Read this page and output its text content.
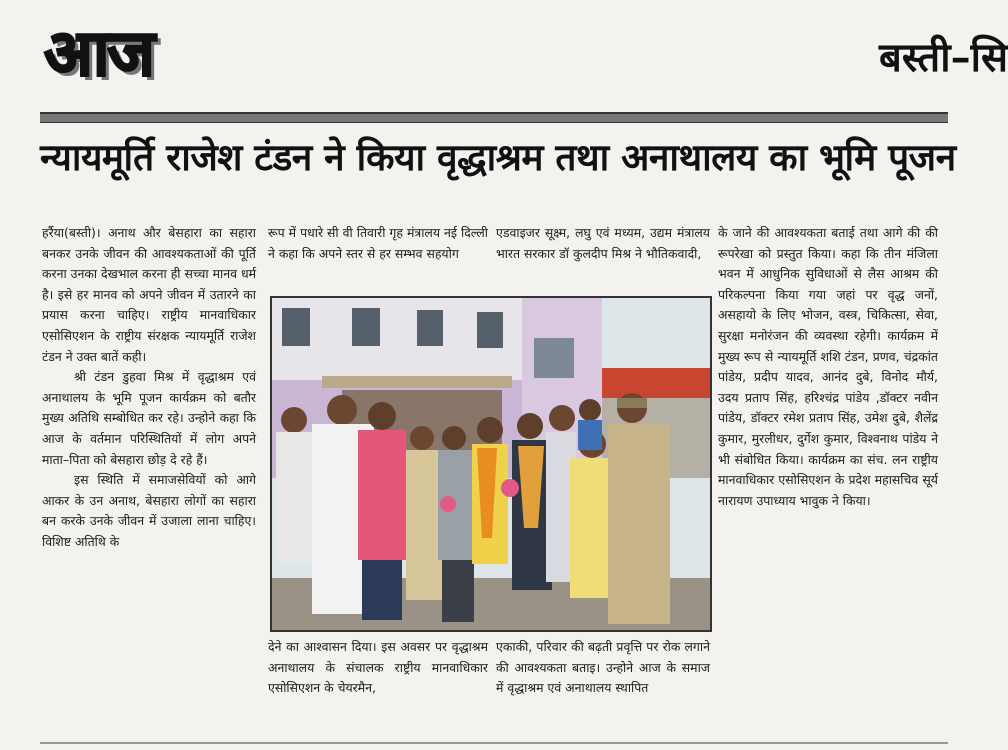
आज	बस्ती–सि
न्यायमूर्ति राजेश टंडन ने किया वृद्धाश्रम तथा अनाथालय का भूमि पूजन

हर्रैया(बस्ती)। अनाथ और बेसहारा का सहारा बनकर उनके जीवन की आवश्यकताओं की पूर्ति करना उनका देखभाल करना ही सच्चा मानव धर्म है। इसे हर मानव को अपने जीवन में उतारने का प्रयास करना चाहिए। राष्ट्रीय मानवाधिकार एसोसिएशन के राष्ट्रीय संरक्षक न्यायमूर्ति राजेश टंडन ने उक्त बातें कही।

श्री टंडन डुहवा मिश्र में वृद्धाश्रम एवं अनाथालय के भूमि पूजन कार्यक्रम को बतौर मुख्य अतिथि सम्बोधित कर रहे। उन्होने कहा कि आज के वर्तमान परिस्थितियों में लोग अपने माता–पिता को बेसहारा छोड़ दे रहे हैं।

इस स्थिति में समाजसेवियों को आगे आकर के उन अनाथ, बेसहारा लोगों का सहारा बन करके उनके जीवन में उजाला लाना चाहिए। विशिष्ट अतिथि के

रूप में पधारे सी वी तिवारी गृह मंत्रालय नई दिल्ली ने कहा कि अपने स्तर से हर सम्भव सहयोग

एडवाइजर सूक्ष्म, लघु एवं मध्यम, उद्यम मंत्रालय भारत सरकार डॉ कुलदीप मिश्र ने भौतिकवादी,

के जाने की आवश्यकता बताई तथा आगे की की रूपरेखा को प्रस्तुत किया। कहा कि तीन मंजिला भवन में आधुनिक सुविधाओं से लैस आश्रम की परिकल्पना किया गया जहां पर वृद्ध जनों, असहायो के लिए भोजन, वस्त्र, चिकित्सा, सेवा, सुरक्षा मनोरंजन की व्यवस्था रहेगी। कार्यक्रम में मुख्य रूप से न्यायमूर्ति शशि टंडन, प्रणव, चंद्रकांत पांडेय, प्रदीप यादव, आनंद दुबे, विनोद मौर्य, उदय प्रताप सिंह, हरिश्चंद्र पांडेय ,डॉक्टर नवीन पांडेय, डॉक्टर रमेश प्रताप सिंह, उमेश दुबे, शैलेंद्र कुमार, मुरलीधर, दुर्गेश कुमार, विश्वनाथ पांडेय ने भी संबोधित किया। कार्यक्रम का संच. लन राष्ट्रीय मानवाधिकार एसोसिएशन के प्रदेश महासचिव सूर्य नारायण उपाध्याय भावुक ने किया।

देने का आश्वासन दिया। इस अवसर पर वृद्धाश्रम अनाथालय के संचालक राष्ट्रीय मानवाधिकार एसोसिएशन के चेयरमैन,

एकाकी, परिवार की बढ़ती प्रवृत्ति पर रोक लगाने की आवश्यकता बताइ। उन्होने आज के समाज में वृद्धाश्रम एवं अनाथालय स्थापित
